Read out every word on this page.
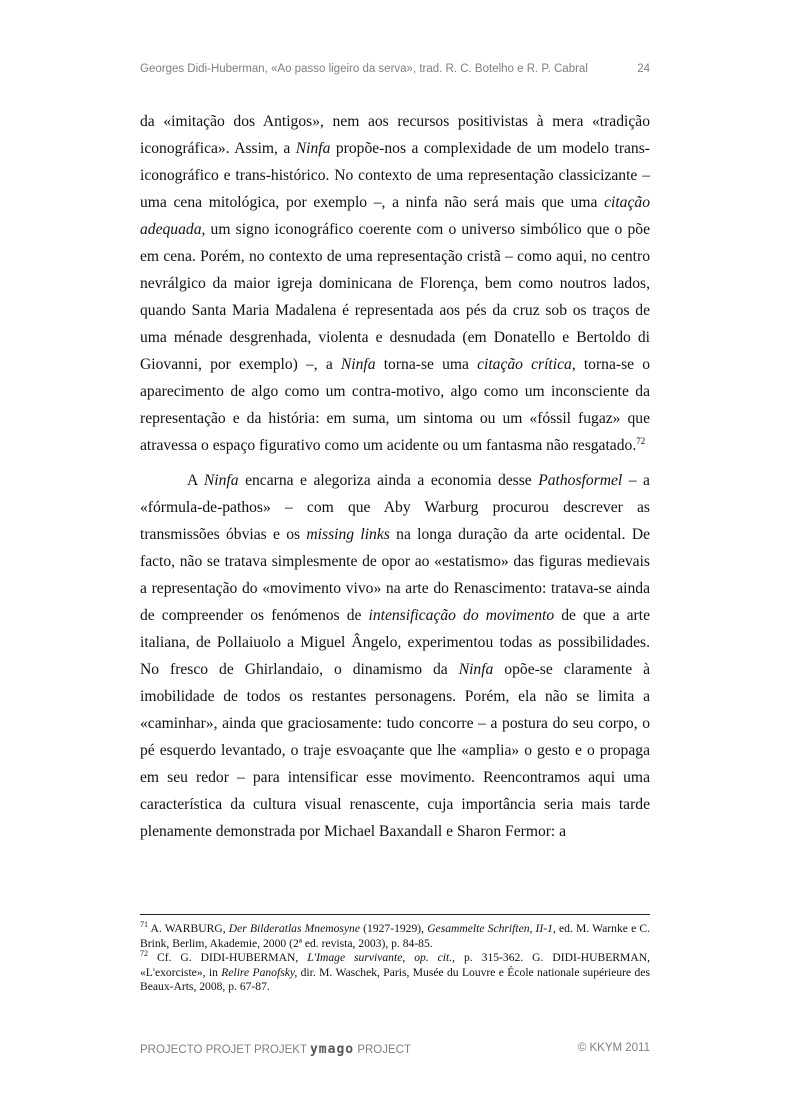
Georges Didi-Huberman, «Ao passo ligeiro da serva», trad. R. C. Botelho e R. P. Cabral	24

da «imitação dos Antigos», nem aos recursos positivistas à mera «tradição iconográfica». Assim, a Ninfa propõe-nos a complexidade de um modelo trans-iconográfico e trans-histórico. No contexto de uma representação classicizante – uma cena mitológica, por exemplo –, a ninfa não será mais que uma citação adequada, um signo iconográfico coerente com o universo simbólico que o põe em cena. Porém, no contexto de uma representação cristã – como aqui, no centro nevrálgico da maior igreja dominicana de Florença, bem como noutros lados, quando Santa Maria Madalena é representada aos pés da cruz sob os traços de uma ménade desgrenhada, violenta e desnudada (em Donatello e Bertoldo di Giovanni, por exemplo) –, a Ninfa torna-se uma citação crítica, torna-se o aparecimento de algo como um contra-motivo, algo como um inconsciente da representação e da história: em suma, um sintoma ou um «fóssil fugaz» que atravessa o espaço figurativo como um acidente ou um fantasma não resgatado.$^{72}$

A Ninfa encarna e alegoriza ainda a economia desse Pathosformel – a «fórmula-de-pathos» – com que Aby Warburg procurou descrever as transmissões óbvias e os missing links na longa duração da arte ocidental. De facto, não se tratava simplesmente de opor ao «estatismo» das figuras medievais a representação do «movimento vivo» na arte do Renascimento: tratava-se ainda de compreender os fenómenos de intensificação do movimento de que a arte italiana, de Pollaiuolo a Miguel Ângelo, experimentou todas as possibilidades. No fresco de Ghirlandaio, o dinamismo da Ninfa opõe-se claramente à imobilidade de todos os restantes personagens. Porém, ela não se limita a «caminhar», ainda que graciosamente: tudo concorre – a postura do seu corpo, o pé esquerdo levantado, o traje esvoaçante que lhe «amplia» o gesto e o propaga em seu redor – para intensificar esse movimento. Reencontramos aqui uma característica da cultura visual renascente, cuja importância seria mais tarde plenamente demonstrada por Michael Baxandall e Sharon Fermor: a

$^{71}$ A. WARBURG, Der Bilderatlas Mnemosyne (1927-1929), Gesammelte Schriften, II-1, ed. M. Warnke e C. Brink, Berlim, Akademie, 2000 (2ª ed. revista, 2003), p. 84-85.

$^{72}$ Cf. G. DIDI-HUBERMAN, L'Image survivante, op. cit., p. 315-362. G. DIDI-HUBERMAN, «L'exorciste», in Relire Panofsky, dir. M. Waschek, Paris, Musée du Louvre e École nationale supérieure des Beaux-Arts, 2008, p. 67-87.

PROJECTO PROJET PROJEKT ymago PROJECT	© KKYM 2011
